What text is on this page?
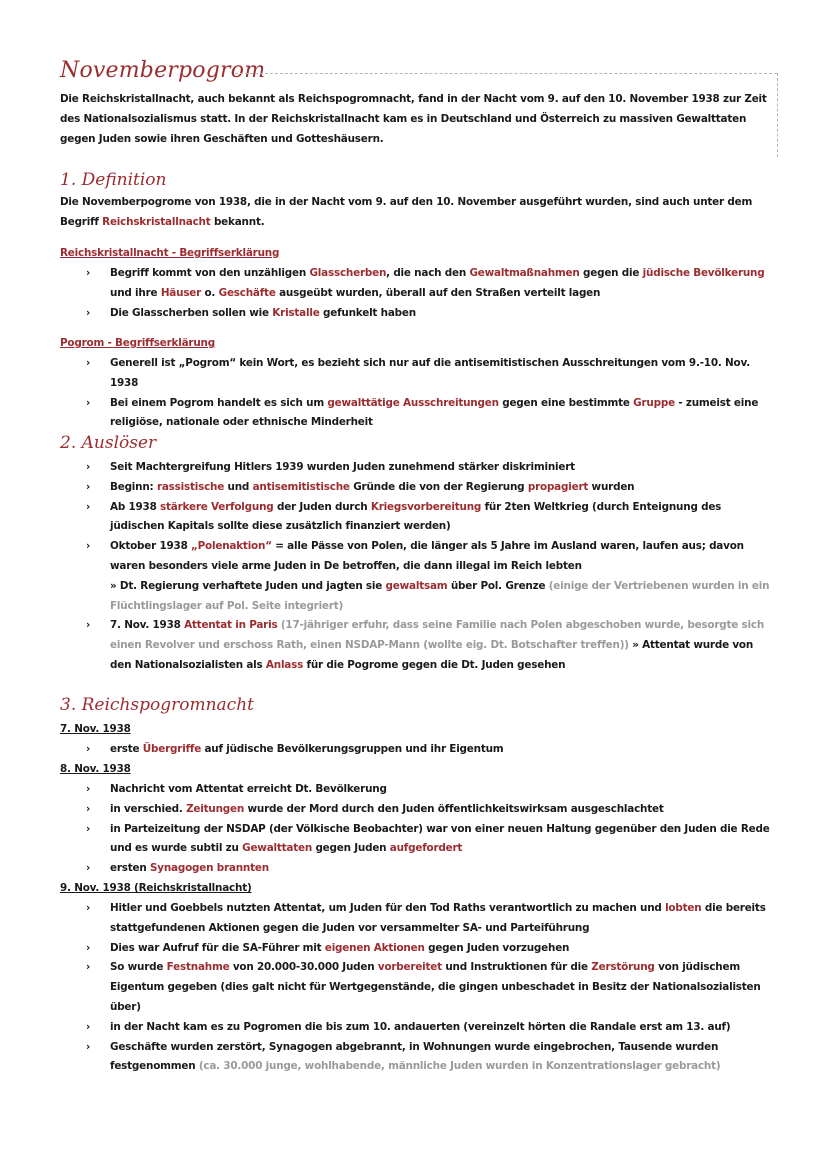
Novemberpogrom
Die Reichskristallnacht, auch bekannt als Reichspogromnacht, fand in der Nacht vom 9. auf den 10. November 1938 zur Zeit des Nationalsozialismus statt. In der Reichskristallnacht kam es in Deutschland und Österreich zu massiven Gewalttaten gegen Juden sowie ihren Geschäften und Gotteshäusern.
1. Definition
Die Novemberpogrome von 1938, die in der Nacht vom 9. auf den 10. November ausgeführt wurden, sind auch unter dem Begriff Reichskristallnacht bekannt.
Reichskristallnacht - Begriffserklärung
› Begriff kommt von den unzähligen Glasscherben, die nach den Gewaltmaßnahmen gegen die jüdische Bevölkerung und ihre Häuser o. Geschäfte ausgeübt wurden, überall auf den Straßen verteilt lagen
› Die Glasscherben sollen wie Kristalle gefunkelt haben
Pogrom - Begriffserklärung
› Generell ist „Pogrom“ kein Wort, es bezieht sich nur auf die antisemitistischen Ausschreitungen vom 9.-10. Nov. 1938
› Bei einem Pogrom handelt es sich um gewalttätige Ausschreitungen gegen eine bestimmte Gruppe - zumeist eine religiöse, nationale oder ethnische Minderheit
2. Auslöser
› Seit Machtergreifung Hitlers 1939 wurden Juden zunehmend stärker diskriminiert
› Beginn: rassistische und antisemitistische Gründe die von der Regierung propagiert wurden
› Ab 1938 stärkere Verfolgung der Juden durch Kriegsvorbereitung für 2ten Weltkrieg (durch Enteignung des jüdischen Kapitals sollte diese zusätzlich finanziert werden)
› Oktober 1938 „Polenaktion“ = alle Pässe von Polen, die länger als 5 Jahre im Ausland waren, laufen aus; davon waren besonders viele arme Juden in De betroffen, die dann illegal im Reich lebten
» Dt. Regierung verhaftete Juden und jagten sie gewaltsam über Pol. Grenze (einige der Vertriebenen wurden in ein Flüchtlingslager auf Pol. Seite integriert)
› 7. Nov. 1938 Attentat in Paris (17-jähriger erfuhr, dass seine Familie nach Polen abgeschoben wurde, besorgte sich einen Revolver und erschoss Rath, einen NSDAP-Mann (wollte eig. Dt. Botschafter treffen)) » Attentat wurde von den Nationalsozialisten als Anlass für die Pogrome gegen die Dt. Juden gesehen
3. Reichspogromnacht
7. Nov. 1938
› erste Übergriffe auf jüdische Bevölkerungsgruppen und ihr Eigentum
8. Nov. 1938
› Nachricht vom Attentat erreicht Dt. Bevölkerung
› in verschied. Zeitungen wurde der Mord durch den Juden öffentlichkeitswirksam ausgeschlachtet
› in Parteizeitung der NSDAP (der Völkische Beobachter) war von einer neuen Haltung gegenüber den Juden die Rede und es wurde subtil zu Gewalttaten gegen Juden aufgefordert
› ersten Synagogen brannten
9. Nov. 1938 (Reichskristallnacht)
› Hitler und Goebbels nutzten Attentat, um Juden für den Tod Raths verantwortlich zu machen und lobten die bereits stattgefundenen Aktionen gegen die Juden vor versammelter SA- und Parteiführung
› Dies war Aufruf für die SA-Führer mit eigenen Aktionen gegen Juden vorzugehen
› So wurde Festnahme von 20.000-30.000 Juden vorbereitet und Instruktionen für die Zerstörung von jüdischem Eigentum gegeben (dies galt nicht für Wertgegenstände, die gingen unbeschadet in Besitz der Nationalsozialisten über)
› in der Nacht kam es zu Pogromen die bis zum 10. andauerten (vereinzelt hörten die Randale erst am 13. auf)
› Geschäfte wurden zerstört, Synagogen abgebrannt, in Wohnungen wurde eingebrochen, Tausende wurden festgenommen (ca. 30.000 junge, wohlhabende, männliche Juden wurden in Konzentrationslager gebracht)
